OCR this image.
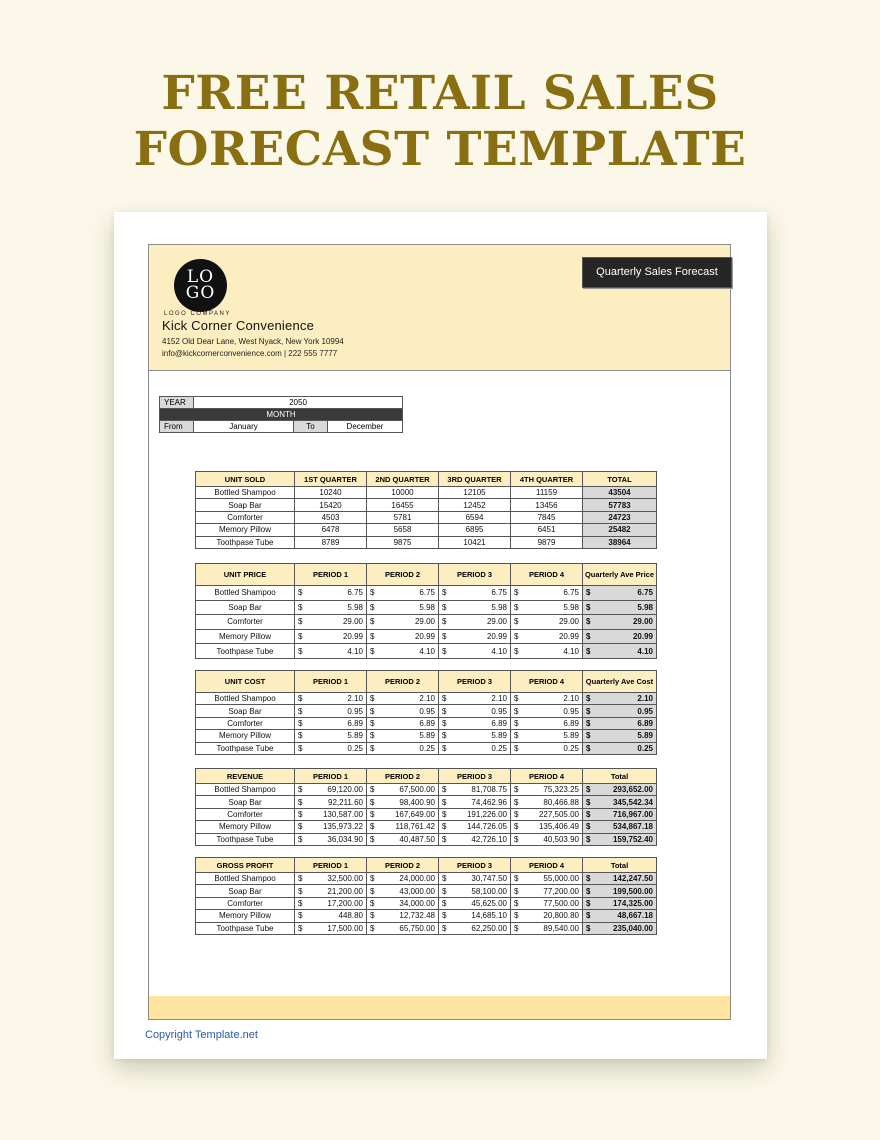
FREE RETAIL SALES
FORECAST TEMPLATE
LO
GO
LOGO COMPANY
Kick Corner Convenience
4152 Old Dear Lane, West Nyack, New York 10994
info@kickcornerconvenience.com | 222 555 7777
Quarterly Sales Forecast
YEAR	2050		
MONTH			
From	January	To	December
UNIT SOLD	1ST QUARTER	2ND QUARTER	3RD QUARTER	4TH QUARTER	TOTAL
Bottled Shampoo	10240	10000	12105	11159	43504
Soap Bar	15420	16455	12452	13456	57783
Comforter	4503	5781	6594	7845	24723
Memory Pillow	6478	5658	6895	6451	25482
Toothpase Tube	8789	9875	10421	9879	38964
UNIT PRICE	PERIOD 1	PERIOD 2	PERIOD 3	PERIOD 4	Quarterly Ave Price
Bottled Shampoo	$ 6.75	$ 6.75	$ 6.75	$ 6.75	$ 6.75

Soap Bar	$ 5.98	$ 5.98	$ 5.98	$ 5.98	$ 5.98

Comforter	$ 29.00	$ 29.00	$ 29.00	$ 29.00	$ 29.00

Memory Pillow	$ 20.99	$ 20.99	$ 20.99	$ 20.99	$ 20.99

Toothpase Tube	$ 4.10	$ 4.10	$ 4.10	$ 4.10	$ 4.10
UNIT COST	PERIOD 1	PERIOD 2	PERIOD 3	PERIOD 4	Quarterly Ave Cost
Bottled Shampoo	$ 2.10	$ 2.10	$ 2.10	$ 2.10	$ 2.10

Soap Bar	$ 0.95	$ 0.95	$ 0.95	$ 0.95	$ 0.95

Comforter	$ 6.89	$ 6.89	$ 6.89	$ 6.89	$ 6.89

Memory Pillow	$ 5.89	$ 5.89	$ 5.89	$ 5.89	$ 5.89

Toothpase Tube	$ 0.25	$ 0.25	$ 0.25	$ 0.25	$ 0.25
REVENUE	PERIOD 1	PERIOD 2	PERIOD 3	PERIOD 4	Total
Bottled Shampoo	$ 69,120.00	$ 67,500.00	$ 81,708.75	$ 75,323.25	$ 293,652.00

Soap Bar	$ 92,211.60	$ 98,400.90	$ 74,462.96	$ 80,466.88	$ 345,542.34

Comforter	$ 130,587.00	$ 167,649.00	$ 191,226.00	$ 227,505.00	$ 716,967.00

Memory Pillow	$ 135,973.22	$ 118,761.42	$ 144,726.05	$ 135,406.49	$ 534,867.18

Toothpase Tube	$ 36,034.90	$ 40,487.50	$ 42,726.10	$ 40,503.90	$ 159,752.40
GROSS PROFIT	PERIOD 1	PERIOD 2	PERIOD 3	PERIOD 4	Total
Bottled Shampoo	$ 32,500.00	$ 24,000.00	$ 30,747.50	$ 55,000.00	$ 142,247.50

Soap Bar	$ 21,200.00	$ 43,000.00	$ 58,100.00	$ 77,200.00	$ 199,500.00

Comforter	$ 17,200.00	$ 34,000.00	$ 45,625.00	$ 77,500.00	$ 174,325.00

Memory Pillow	$ 448.80	$ 12,732.48	$ 14,685.10	$ 20,800.80	$ 48,667.18

Toothpase Tube	$ 17,500.00	$ 65,750.00	$ 62,250.00	$ 89,540.00	$ 235,040.00
Copyright Template.net
